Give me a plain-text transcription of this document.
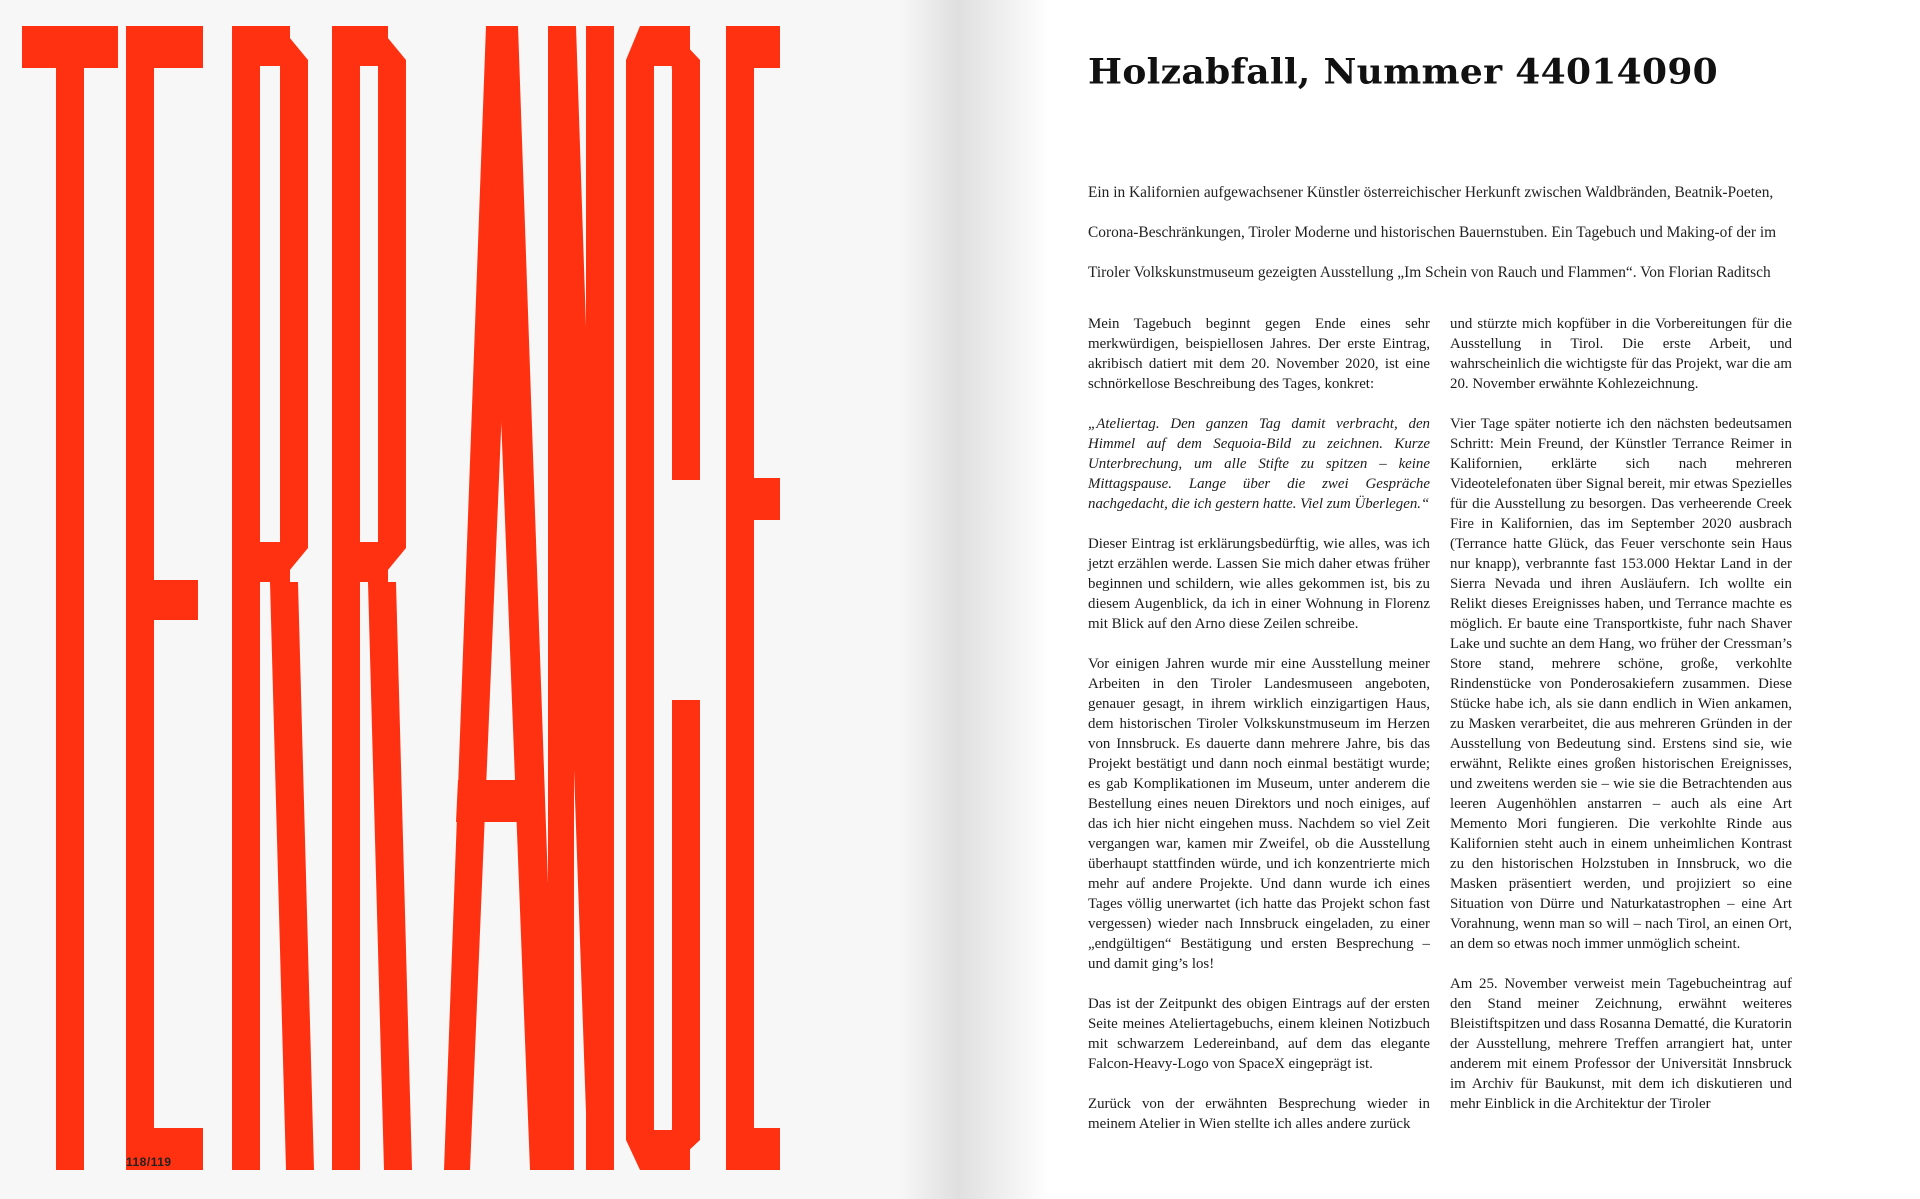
118/119
Holzabfall, Nummer 44014090

Ein in Kalifornien aufgewachsener Künstler österreichischer Herkunft zwischen Waldbränden, Beatnik-Poeten,

Corona-Beschränkungen, Tiroler Moderne und historischen Bauernstuben. Ein Tagebuch und Making-of der im

Tiroler Volkskunstmuseum gezeigten Ausstellung „Im Schein von Rauch und Flammen“. Von Florian Raditsch

Mein Tagebuch beginnt gegen Ende eines sehr merkwürdigen, beispiellosen Jahres. Der erste Eintrag, akribisch datiert mit dem 20. November 2020, ist eine schnörkellose Beschreibung des Tages, konkret:

„Ateliertag. Den ganzen Tag damit verbracht, den Himmel auf dem Sequoia-Bild zu zeichnen. Kurze Unterbrechung, um alle Stifte zu spitzen – keine Mittagspause. Lange über die zwei Gespräche nachgedacht, die ich gestern hatte. Viel zum Überlegen.“

Dieser Eintrag ist erklärungsbedürftig, wie alles, was ich jetzt erzählen werde. Lassen Sie mich daher etwas früher beginnen und schildern, wie alles gekommen ist, bis zu diesem Augenblick, da ich in einer Wohnung in Florenz mit Blick auf den Arno diese Zeilen schreibe.

Vor einigen Jahren wurde mir eine Ausstellung meiner Arbeiten in den Tiroler Landesmuseen angeboten, genauer gesagt, in ihrem wirklich einzigartigen Haus, dem historischen Tiroler Volkskunstmuseum im Herzen von Innsbruck. Es dauerte dann mehrere Jahre, bis das Projekt bestätigt und dann noch einmal bestätigt wurde; es gab Komplikationen im Museum, unter anderem die Bestellung eines neuen Direktors und noch einiges, auf das ich hier nicht eingehen muss. Nachdem so viel Zeit vergangen war, kamen mir Zweifel, ob die Ausstellung überhaupt stattfinden würde, und ich konzentrierte mich mehr auf andere Projekte. Und dann wurde ich eines Tages völlig unerwartet (ich hatte das Projekt schon fast vergessen) wieder nach Innsbruck eingeladen, zu einer „endgültigen“ Bestätigung und ersten Besprechung – und damit ging’s los!

Das ist der Zeitpunkt des obigen Eintrags auf der ersten Seite meines Ateliertagebuchs, einem kleinen Notizbuch mit schwarzem Ledereinband, auf dem das elegante Falcon-Heavy-Logo von SpaceX eingeprägt ist.

Zurück von der erwähnten Besprechung wieder in meinem Atelier in Wien stellte ich alles andere zurück

und stürzte mich kopfüber in die Vorbereitungen für die Ausstellung in Tirol. Die erste Arbeit, und wahrscheinlich die wichtigste für das Projekt, war die am 20. November erwähnte Kohlezeichnung.

Vier Tage später notierte ich den nächsten bedeutsamen Schritt: Mein Freund, der Künstler Terrance Reimer in Kalifornien, erklärte sich nach mehreren Videotelefonaten über Signal bereit, mir etwas Spezielles für die Ausstellung zu besorgen. Das verheerende Creek Fire in Kalifornien, das im September 2020 ausbrach (Terrance hatte Glück, das Feuer verschonte sein Haus nur knapp), verbrannte fast 153.000 Hektar Land in der Sierra Nevada und ihren Ausläufern. Ich wollte ein Relikt dieses Ereignisses haben, und Terrance machte es möglich. Er baute eine Transportkiste, fuhr nach Shaver Lake und suchte an dem Hang, wo früher der Cressman’s Store stand, mehrere schöne, große, verkohlte Rindenstücke von Ponderosakiefern zusammen. Diese Stücke habe ich, als sie dann endlich in Wien ankamen, zu Masken verarbeitet, die aus mehreren Gründen in der Ausstellung von Bedeutung sind. Erstens sind sie, wie erwähnt, Relikte eines großen historischen Ereignisses, und zweitens werden sie – wie sie die Betrachtenden aus leeren Augenhöhlen anstarren – auch als eine Art Memento Mori fungieren. Die verkohlte Rinde aus Kalifornien steht auch in einem unheimlichen Kontrast zu den historischen Holzstuben in Innsbruck, wo die Masken präsentiert werden, und projiziert so eine Situation von Dürre und Naturkatastrophen – eine Art Vorahnung, wenn man so will – nach Tirol, an einen Ort, an dem so etwas noch immer unmöglich scheint.

Am 25. November verweist mein Tagebucheintrag auf den Stand meiner Zeichnung, erwähnt weiteres Bleistiftspitzen und dass Rosanna Dematté, die Kuratorin der Ausstellung, mehrere Treffen arrangiert hat, unter anderem mit einem Professor der Universität Innsbruck im Archiv für Baukunst, mit dem ich diskutieren und mehr Einblick in die Architektur der Tiroler
